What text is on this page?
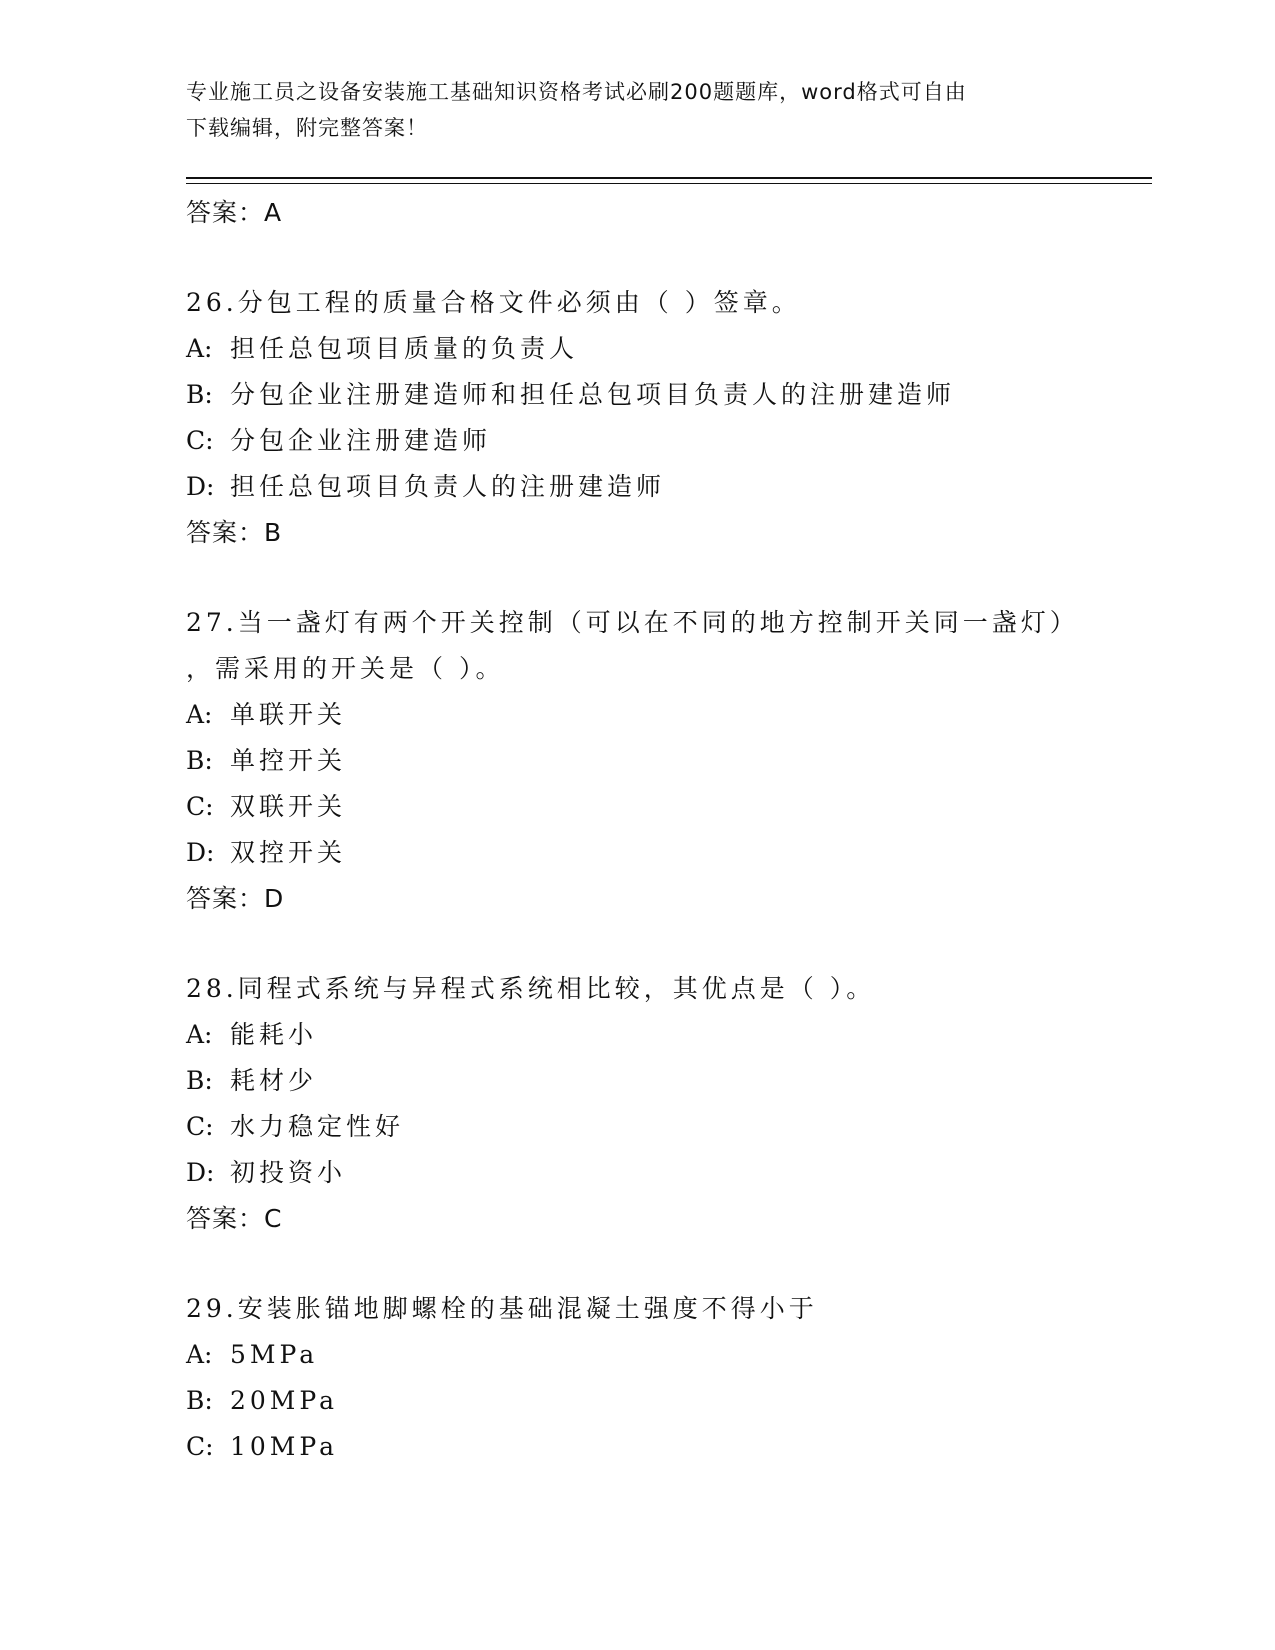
专业施工员之设备安装施工基础知识资格考试必刷200题题库，word格式可自由
下载编辑，附完整答案！
答案：A
26.分包工程的质量合格文件必须由（ ）签章。
A: 担任总包项目质量的负责人
B: 分包企业注册建造师和担任总包项目负责人的注册建造师
C: 分包企业注册建造师
D: 担任总包项目负责人的注册建造师
答案：B
27.当一盏灯有两个开关控制（可以在不同的地方控制开关同一盏灯）
，需采用的开关是（ ）。
A: 单联开关
B: 单控开关
C: 双联开关
D: 双控开关
答案：D
28.同程式系统与异程式系统相比较，其优点是（ ）。
A: 能耗小
B: 耗材少
C: 水力稳定性好
D: 初投资小
答案：C
29.安装胀锚地脚螺栓的基础混凝土强度不得小于
A: 5MPa
B: 20MPa
C: 10MPa
